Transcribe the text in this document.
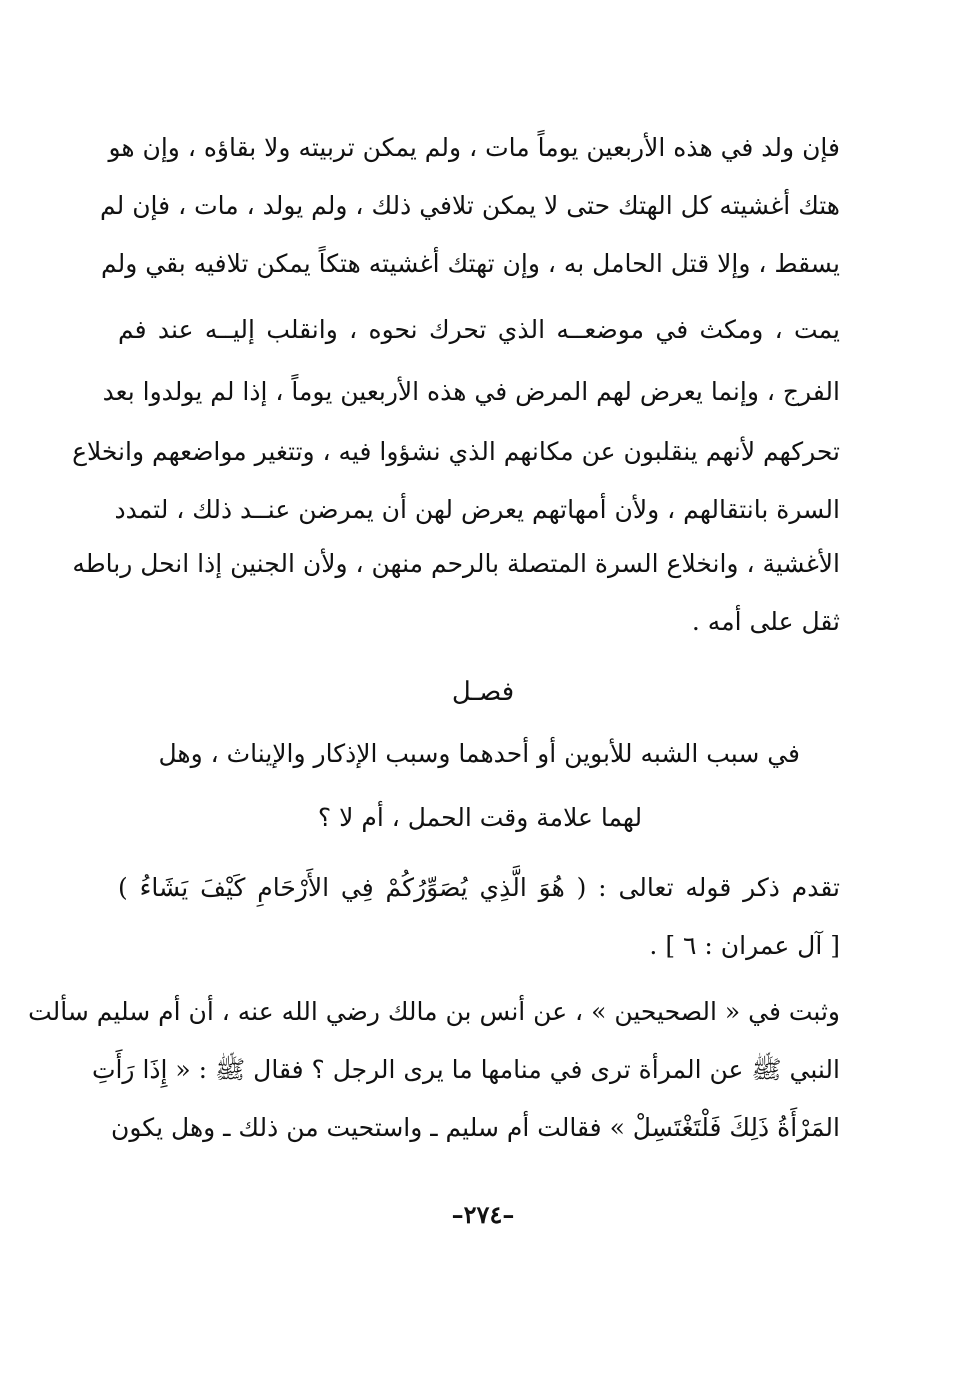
فإن ولد في هذه الأربعين يوماً مات ، ولم يمكن تربيته ولا بقاؤه ، وإن هو
هتك أغشيته كل الهتك حتى لا يمكن تلافي ذلك ، ولم يولد ، مات ، فإن لم
يسقط ، وإلا قتل الحامل به ، وإن تهتك أغشيته هتكاً يمكن تلافيه بقي ولم
يمت ، ومكث في موضعــه الذي تحرك نحوه ، وانقلب إليــه عند فم
الفرج ، وإنما يعرض لهم المرض في هذه الأربعين يوماً ، إذا لم يولدوا بعد
تحركهم لأنهم ينقلبون عن مكانهم الذي نشؤوا فيه ، وتتغير مواضعهم وانخلاع
السرة بانتقالهم ، ولأن أمهاتهم يعرض لهن أن يمرضن عنــد ذلك ، لتمدد
الأغشية ، وانخلاع السرة المتصلة بالرحم منهن ، ولأن الجنين إذا انحل رباطه
ثقل على أمه .
فصـل
في سبب الشبه للأبوين أو أحدهما وسبب الإذكار والإيناث ، وهل
لهما علامة وقت الحمل ، أم لا ؟
تقدم ذكر قوله تعالى : ( هُوَ الَّذِي يُصَوِّرُكُمْ فِي الأَرْحَامِ كَيْفَ يَشَاءُ )
[ آل عمران : ٦ ] .
وثبت في « الصحيحين » ، عن أنس بن مالك رضي الله عنه ، أن أم سليم سألت
النبي ﷺ عن المرأة ترى في منامها ما يرى الرجل ؟ فقال ﷺ : « إِذَا رَأَتِ
المَرْأَةُ ذَلِكَ فَلْتَغْتَسِلْ » فقالت أم سليم ـ واستحيت من ذلك ـ وهل يكون
–٢٧٤–
